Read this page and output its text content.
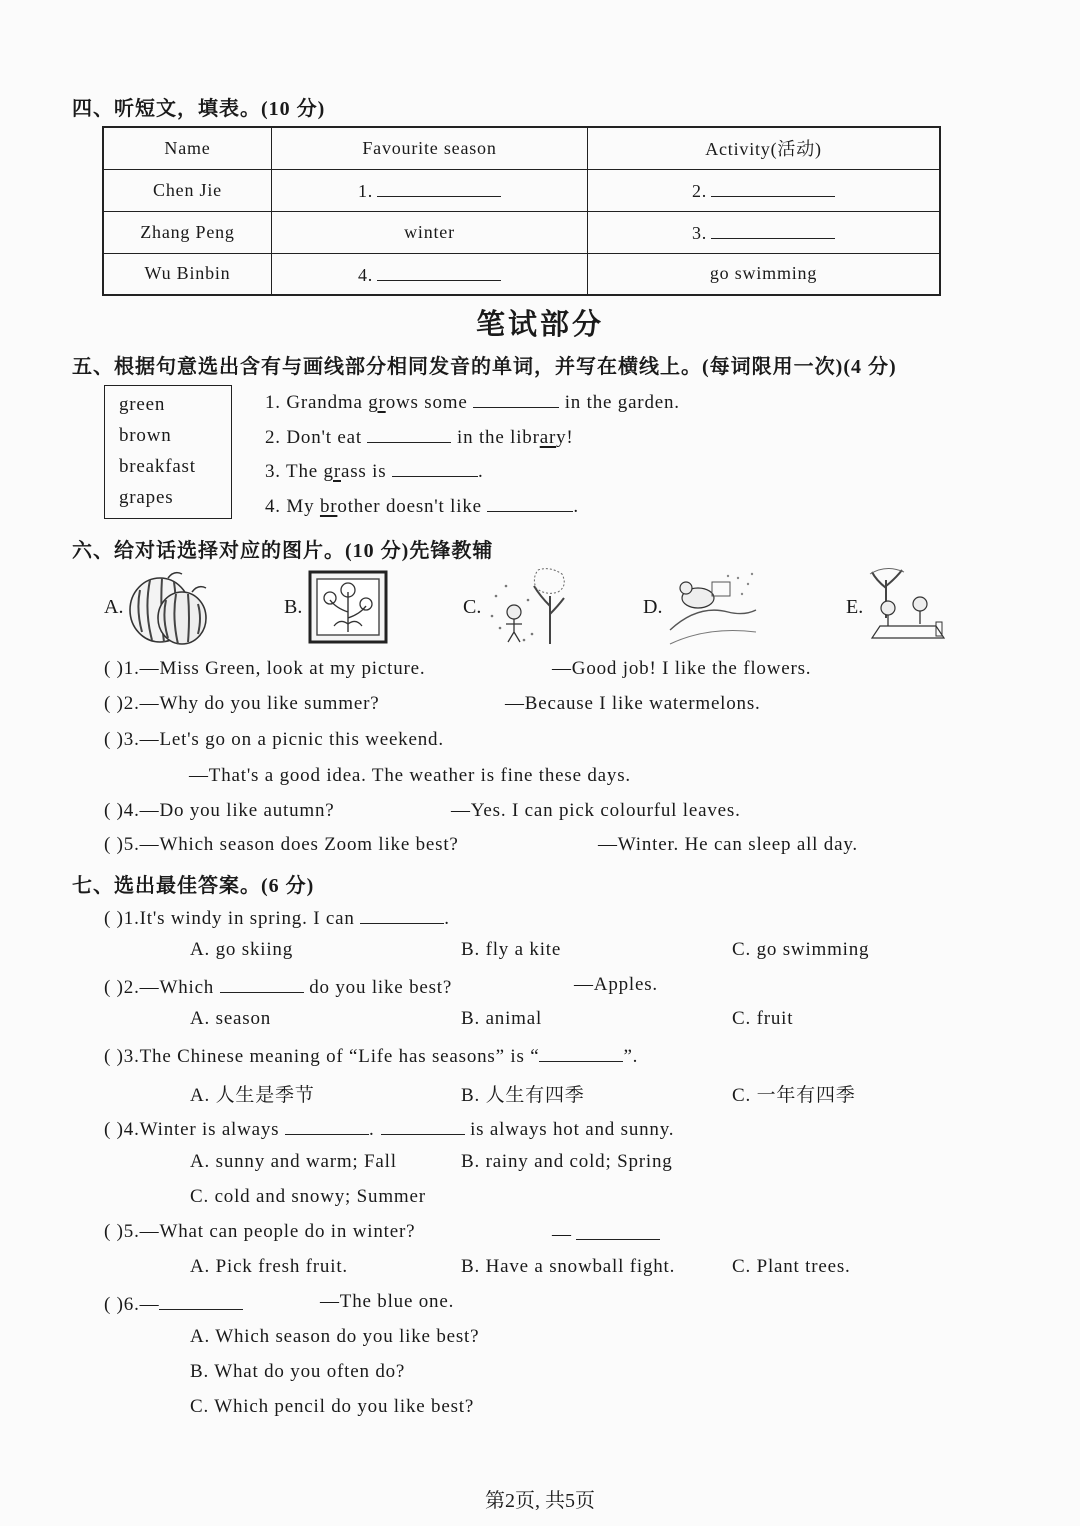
四、听短文，填表。(10 分)
Name	Favourite season	Activity(活动)
Chen Jie	1.	2.
Zhang Peng	winter	3.
Wu Binbin	4.	go swimming
笔试部分
五、根据句意选出含有与画线部分相同发音的单词，并写在横线上。(每词限用一次)(4 分)
green
brown
breakfast
grapes
1. Grandma grows some	in the garden.
2. Don't eat	in the library!
3. The grass is	.
4. My brother doesn't like	.
六、给对话选择对应的图片。(10 分)先锋教辅
A.	B.	C.	D.	E.
( )1.—Miss Green, look at my picture.	—Good job! I like the flowers.
( )2.—Why do you like summer?	—Because I like watermelons.
( )3.—Let's go on a picnic this weekend.
—That's a good idea. The weather is fine these days.
( )4.—Do you like autumn?	—Yes. I can pick colourful leaves.
( )5.—Which season does Zoom like best?	—Winter. He can sleep all day.
七、选出最佳答案。(6 分)
( )1.It's windy in spring. I can	.
A. go skiing	B. fly a kite	C. go swimming
( )2.—Which	do you like best?	—Apples.
A. season	B. animal	C. fruit
( )3.The Chinese meaning of “Life has seasons” is “	”.
A. 人生是季节	B. 人生有四季	C. 一年有四季
( )4.Winter is always	.	is always hot and sunny.
A. sunny and warm; Fall	B. rainy and cold; Spring
C. cold and snowy; Summer
( )5.—What can people do in winter?	—
A. Pick fresh fruit.	B. Have a snowball fight.	C. Plant trees.
( )6.—	—The blue one.
A. Which season do you like best?
B. What do you often do?
C. Which pencil do you like best?
第2页, 共5页
